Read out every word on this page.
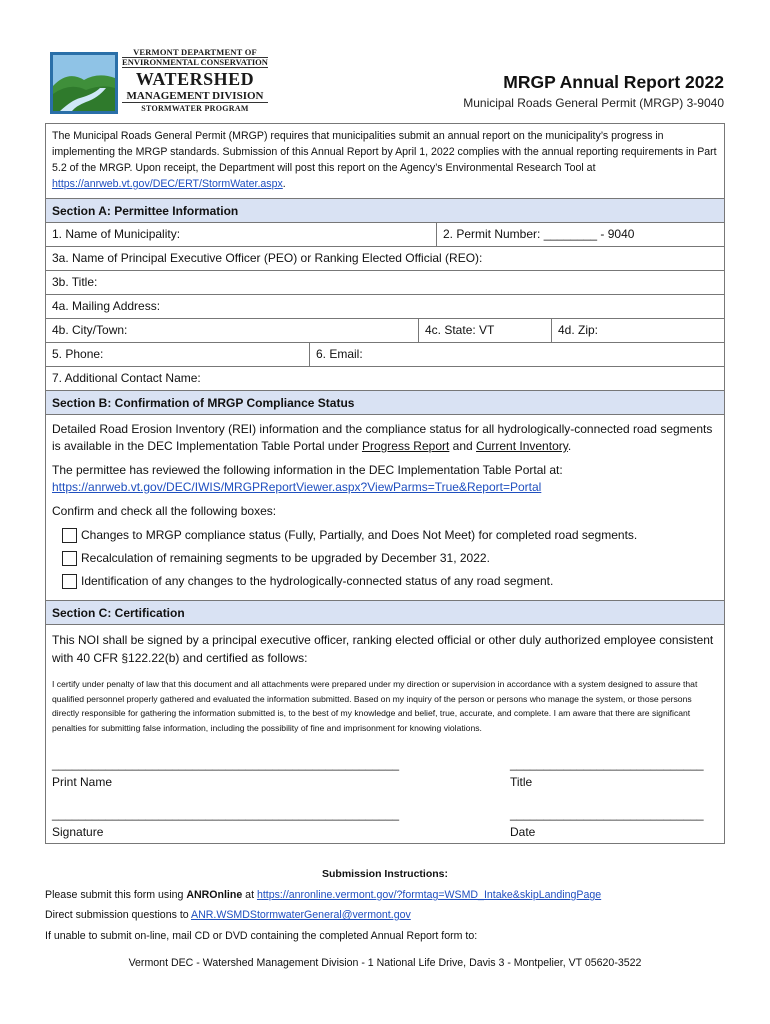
VERMONT DEPARTMENT OF
ENVIRONMENTAL CONSERVATION
WATERSHED
MANAGEMENT DIVISION
STORMWATER PROGRAM
MRGP Annual Report 2022
Municipal Roads General Permit (MRGP) 3-9040
The Municipal Roads General Permit (MRGP) requires that municipalities submit an annual report on the municipality’s progress in implementing the MRGP standards. Submission of this Annual Report by April 1, 2022 complies with the annual reporting requirements in Part 5.2 of the MRGP. Upon receipt, the Department will post this report on the Agency’s Environmental Research Tool at https://anrweb.vt.gov/DEC/ERT/StormWater.aspx.
Section A: Permittee Information
1. Name of Municipality:	2. Permit Number: ________ - 9040
3a. Name of Principal Executive Officer (PEO) or Ranking Elected Official (REO):
3b. Title:
4a. Mailing Address:
4b. City/Town:	4c. State: VT	4d. Zip:
5. Phone:	6. Email:
7. Additional Contact Name:
Section B: Confirmation of MRGP Compliance Status

Detailed Road Erosion Inventory (REI) information and the compliance status for all hydrologically-connected road segments is available in the DEC Implementation Table Portal under Progress Report and Current Inventory.

The permittee has reviewed the following information in the DEC Implementation Table Portal at:
https://anrweb.vt.gov/DEC/IWIS/MRGPReportViewer.aspx?ViewParms=True&Report=Portal

Confirm and check all the following boxes:

Changes to MRGP compliance status (Fully, Partially, and Does Not Meet) for completed road segments.
Recalculation of remaining segments to be upgraded by December 31, 2022.
Identification of any changes to the hydrologically-connected status of any road segment.
Section C: Certification

This NOI shall be signed by a principal executive officer, ranking elected official or other duly authorized employee consistent with 40 CFR §122.22(b) and certified as follows:

I certify under penalty of law that this document and all attachments were prepared under my direction or supervision in accordance with a system designed to assure that qualified personnel properly gathered and evaluated the information submitted. Based on my inquiry of the person or persons who manage the system, or those persons directly responsible for gathering the information submitted is, to the best of my knowledge and belief, true, accurate, and complete. I am aware that there are significant penalties for submitting false information, including the possibility of fine and imprisonment for knowing violations.

____________________________________________________
Print Name
_____________________________
Title
____________________________________________________
Signature
_____________________________
Date
Submission Instructions:
Please submit this form using ANROnline at https://anronline.vermont.gov/?formtag=WSMD_Intake&skipLandingPage
Direct submission questions to ANR.WSMDStormwaterGeneral@vermont.gov
If unable to submit on-line, mail CD or DVD containing the completed Annual Report form to:
Vermont DEC - Watershed Management Division - 1 National Life Drive, Davis 3 - Montpelier, VT 05620-3522
